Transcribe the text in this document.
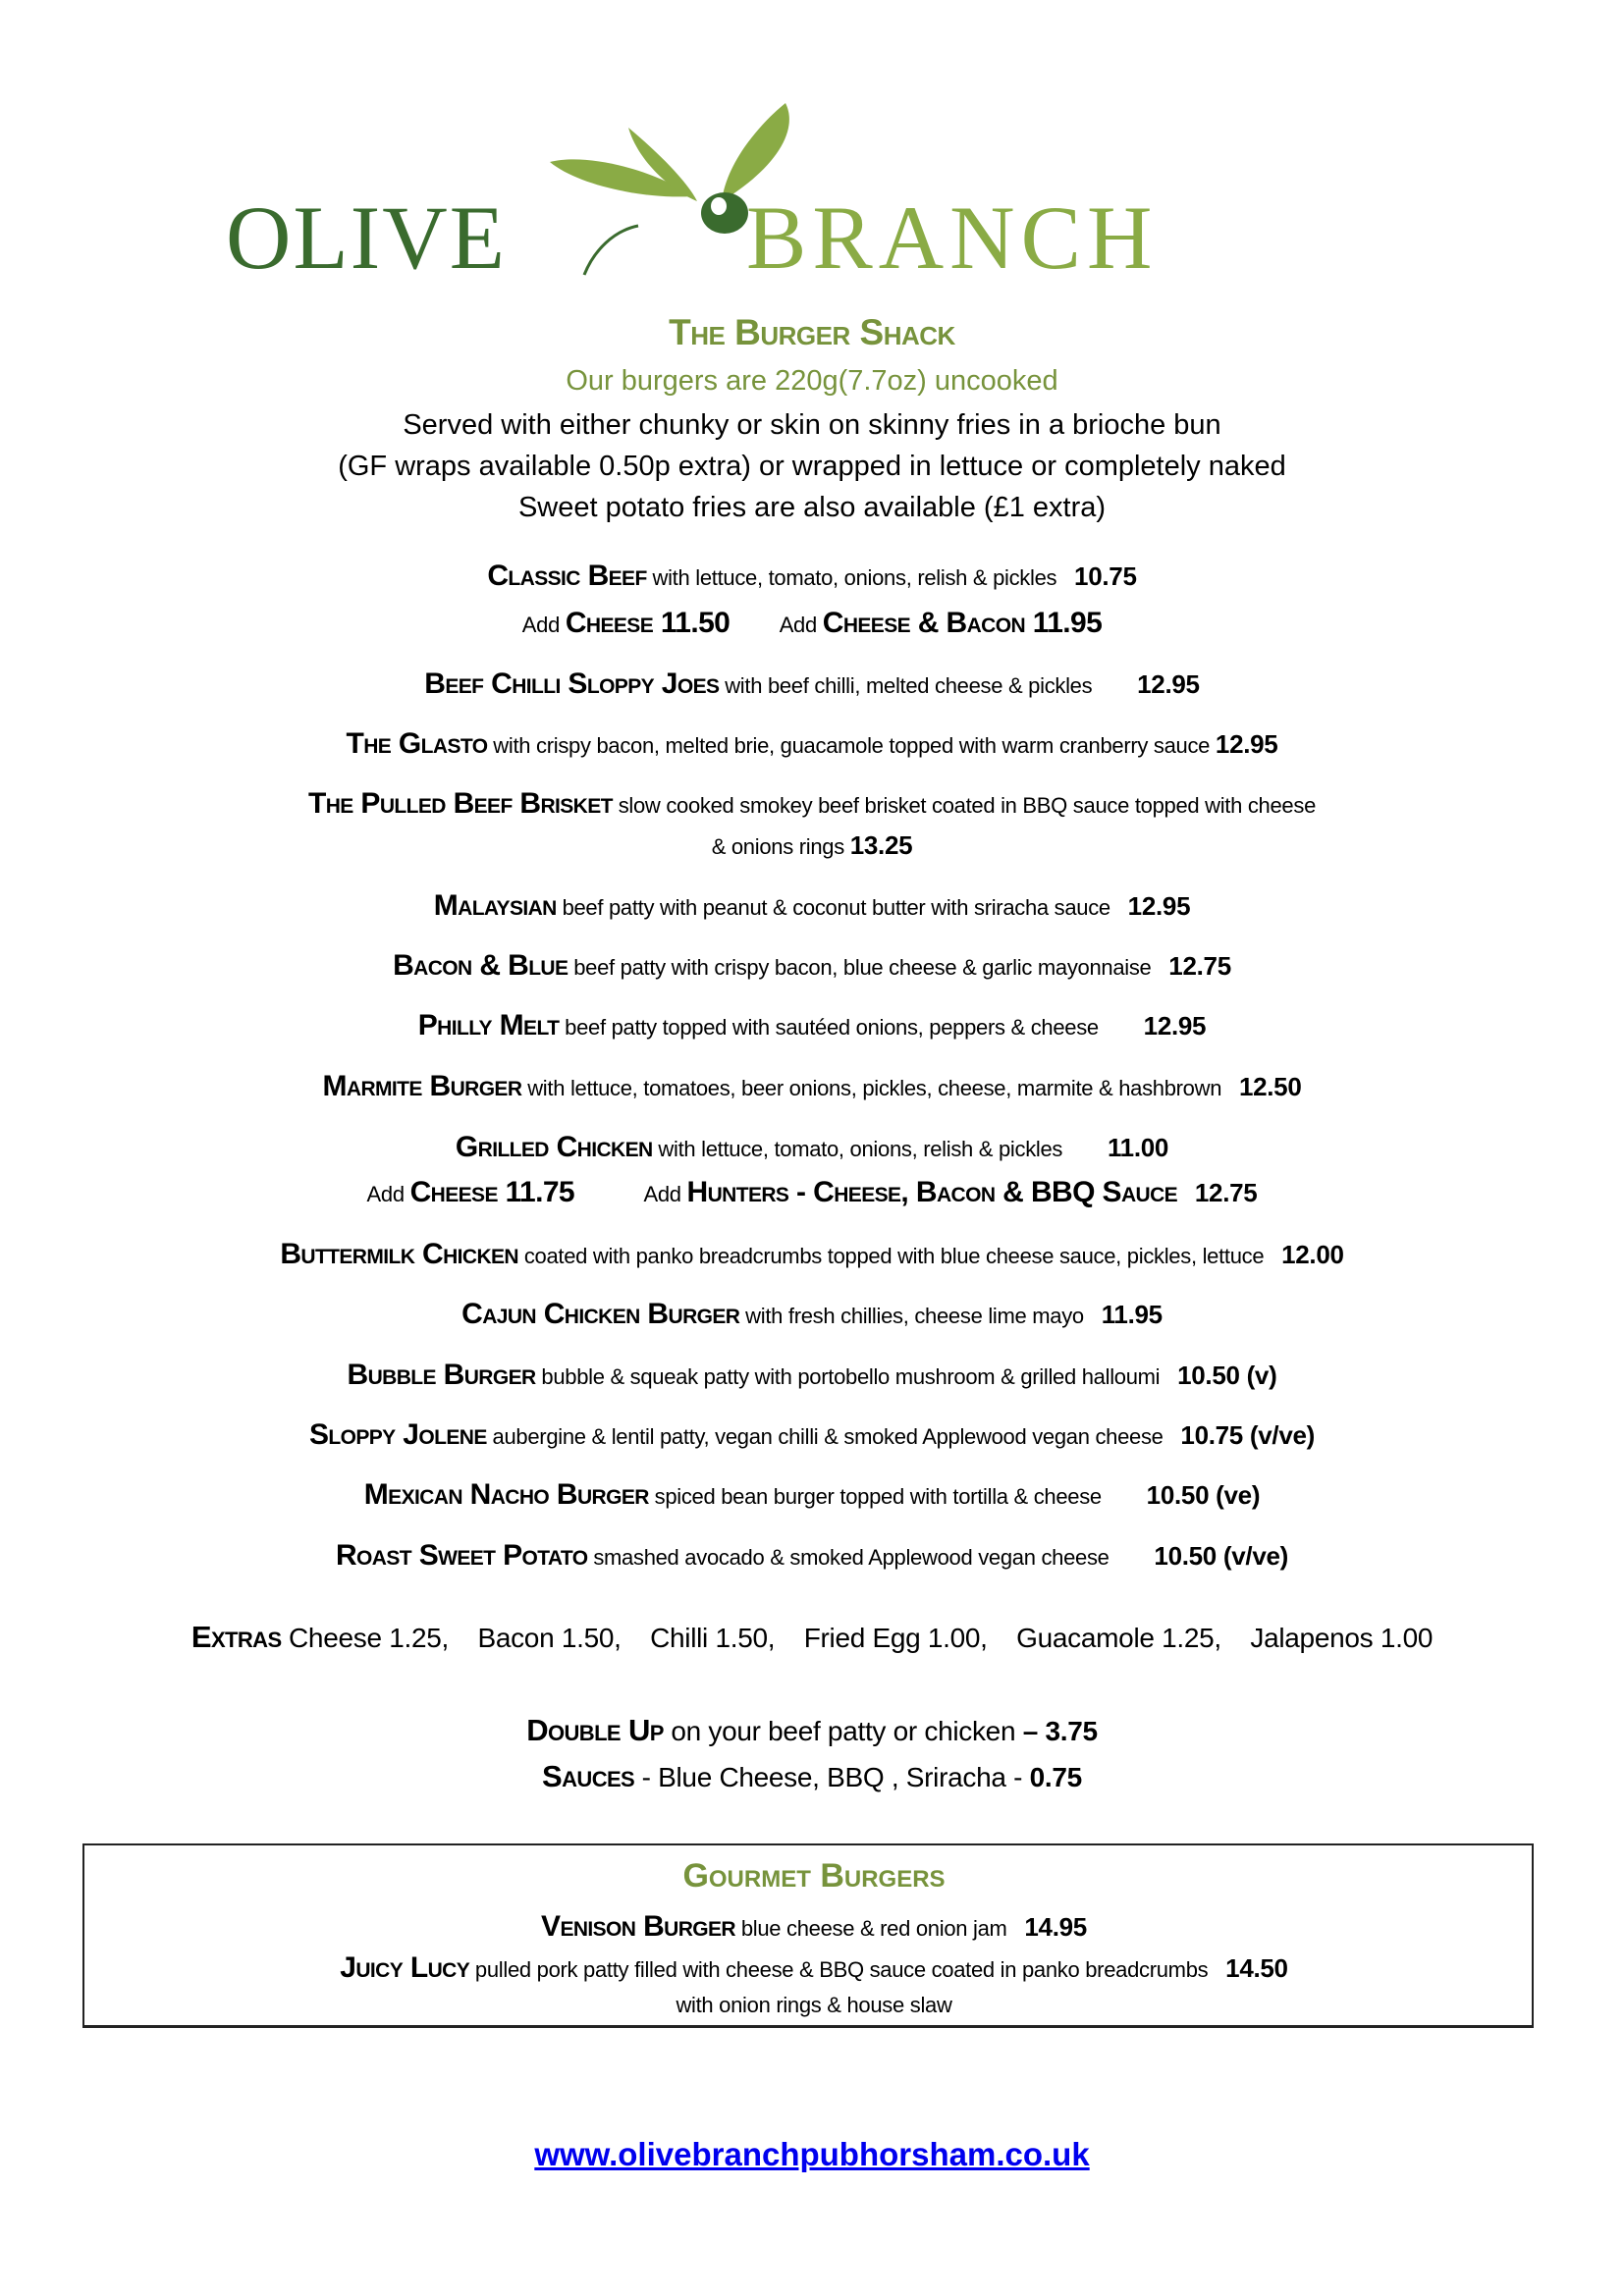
OLIVE	BRANCH
The Burger Shack
Our burgers are 220g(7.7oz) uncooked
Served with either chunky or skin on skinny fries in a brioche bun
(GF wraps available 0.50p extra) or wrapped in lettuce or completely naked
Sweet potato fries are also available (£1 extra)
Classic Beef with lettuce, tomato, onions, relish & pickles 10.75
Add Cheese 11.50 Add Cheese & Bacon 11.95
Beef Chilli Sloppy Joes with beef chilli, melted cheese & pickles 12.95
The Glasto with crispy bacon, melted brie, guacamole topped with warm cranberry sauce 12.95
The Pulled Beef Brisket slow cooked smokey beef brisket coated in BBQ sauce topped with cheese
& onions rings 13.25
Malaysian beef patty with peanut & coconut butter with sriracha sauce 12.95
Bacon & Blue beef patty with crispy bacon, blue cheese & garlic mayonnaise 12.75
Philly Melt beef patty topped with sautéed onions, peppers & cheese 12.95
Marmite Burger with lettuce, tomatoes, beer onions, pickles, cheese, marmite & hashbrown 12.50
Grilled Chicken with lettuce, tomato, onions, relish & pickles 11.00
Add Cheese 11.75	Add Hunters - Cheese, Bacon & BBQ Sauce 12.75
Buttermilk Chicken coated with panko breadcrumbs topped with blue cheese sauce, pickles, lettuce 12.00
Cajun Chicken Burger with fresh chillies, cheese lime mayo 11.95
Bubble Burger bubble & squeak patty with portobello mushroom & grilled halloumi 10.50 (v)
Sloppy Jolene aubergine & lentil patty, vegan chilli & smoked Applewood vegan cheese 10.75 (v/ve)
Mexican Nacho Burger spiced bean burger topped with tortilla & cheese 10.50 (ve)
Roast Sweet Potato smashed avocado & smoked Applewood vegan cheese 10.50 (v/ve)
Extras Cheese 1.25, Bacon 1.50, Chilli 1.50, Fried Egg 1.00, Guacamole 1.25, Jalapenos 1.00
Double Up on your beef patty or chicken – 3.75
Sauces - Blue Cheese, BBQ , Sriracha - 0.75
Gourmet Burgers
Venison Burger blue cheese & red onion jam 14.95
Juicy Lucy pulled pork patty filled with cheese & BBQ sauce coated in panko breadcrumbs 14.50
with onion rings & house slaw
www.olivebranchpubhorsham.co.uk
